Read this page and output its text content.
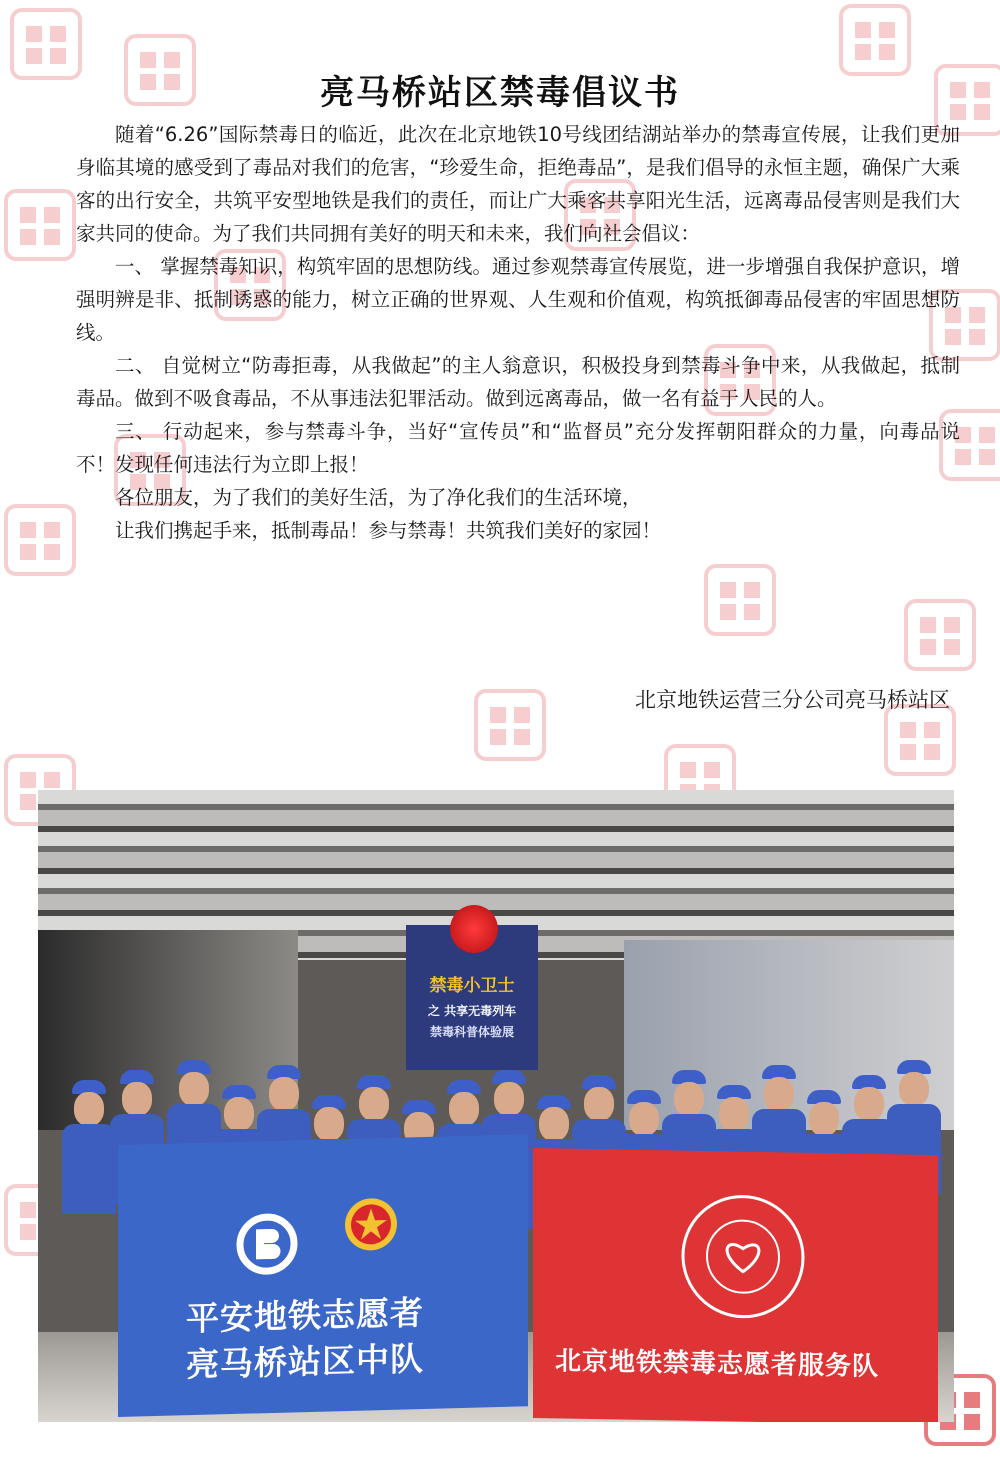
亮马桥站区禁毒倡议书

随着“6.26”国际禁毒日的临近，此次在北京地铁10号线团结湖站举办的禁毒宣传展，让我们更加身临其境的感受到了毒品对我们的危害，“珍爱生命，拒绝毒品”，是我们倡导的永恒主题，确保广大乘客的出行安全，共筑平安型地铁是我们的责任，而让广大乘客共享阳光生活，远离毒品侵害则是我们大家共同的使命。为了我们共同拥有美好的明天和未来，我们向社会倡议：

一、 掌握禁毒知识，构筑牢固的思想防线。通过参观禁毒宣传展览，进一步增强自我保护意识，增强明辨是非、抵制诱惑的能力，树立正确的世界观、人生观和价值观，构筑抵御毒品侵害的牢固思想防线。

二、 自觉树立“防毒拒毒，从我做起”的主人翁意识，积极投身到禁毒斗争中来，从我做起，抵制毒品。做到不吸食毒品，不从事违法犯罪活动。做到远离毒品，做一名有益于人民的人。

三、 行动起来，参与禁毒斗争，当好“宣传员”和“监督员”充分发挥朝阳群众的力量，向毒品说不！发现任何违法行为立即上报！

各位朋友，为了我们的美好生活，为了净化我们的生活环境，

让我们携起手来，抵制毒品！参与禁毒！共筑我们美好的家园！

北京地铁运营三分公司亮马桥站区
禁毒小卫士
之 共享无毒列车
禁毒科普体验展
平安地铁志愿者
亮马桥站区中队	北京地铁禁毒志愿者服务队
